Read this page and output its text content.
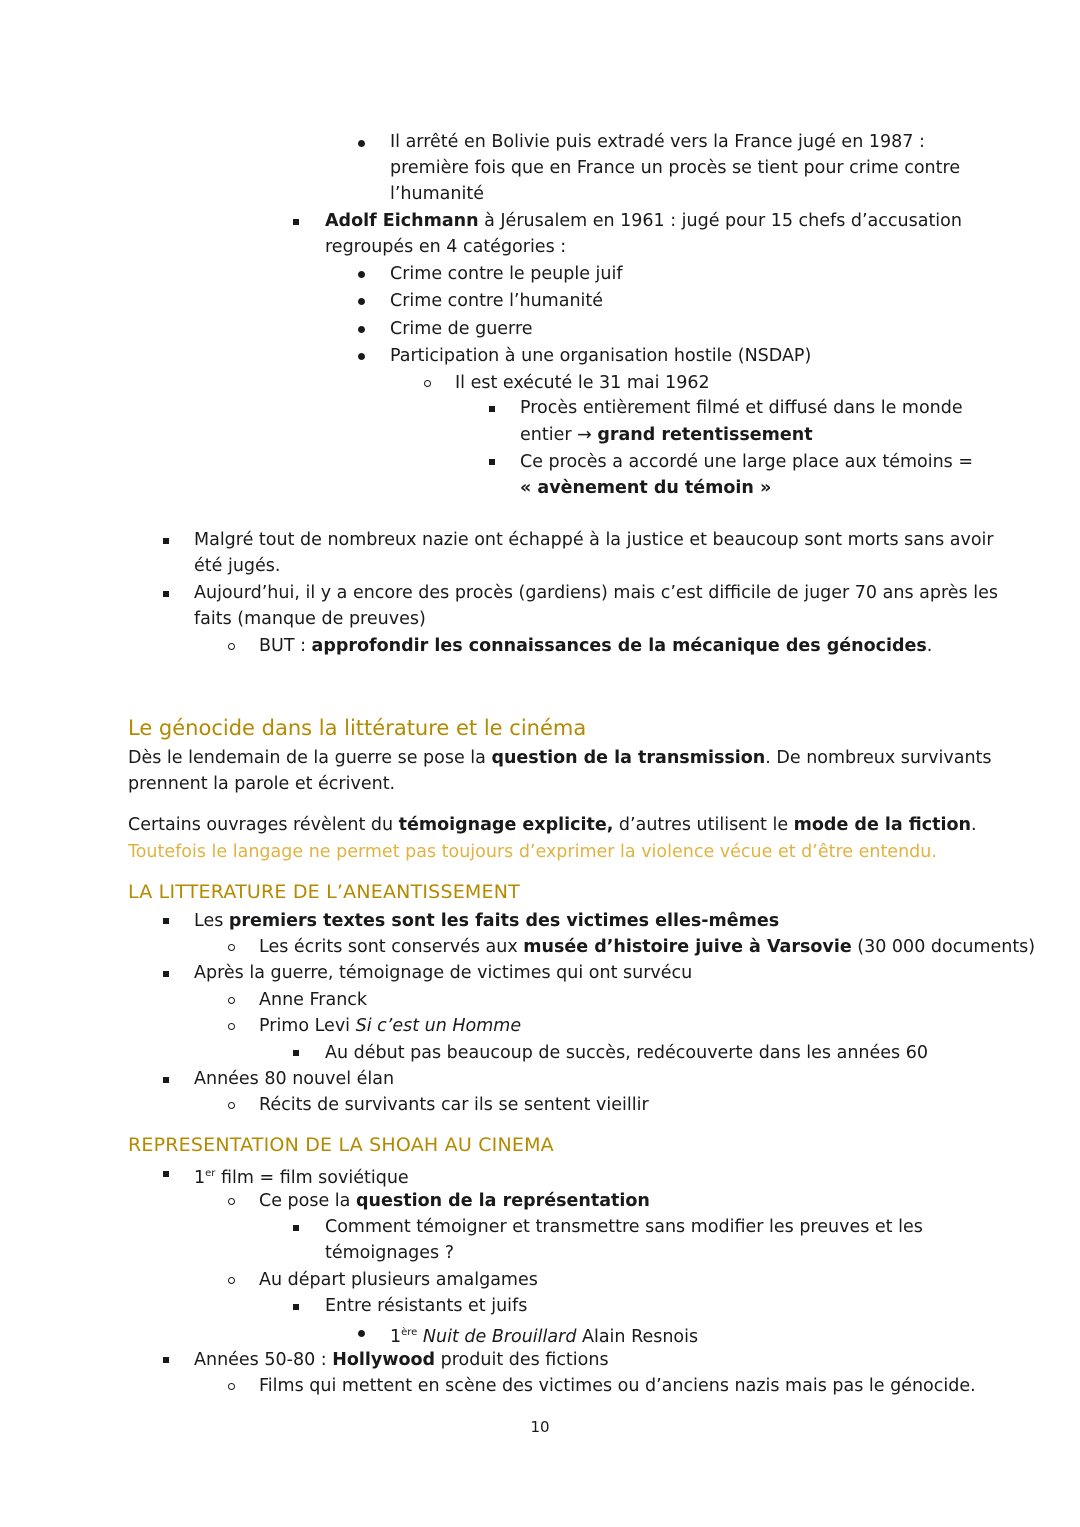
Il arrêté en Bolivie puis extradé vers la France jugé en 1987 :
première fois que en France un procès se tient pour crime contre
l’humanité
Adolf Eichmann à Jérusalem en 1961 : jugé pour 15 chefs d’accusation
regroupés en 4 catégories :
Crime contre le peuple juif
Crime contre l’humanité
Crime de guerre
Participation à une organisation hostile (NSDAP)
Il est exécuté le 31 mai 1962
Procès entièrement filmé et diffusé dans le monde
entier → grand retentissement
Ce procès a accordé une large place aux témoins =
« avènement du témoin »
Malgré tout de nombreux nazie ont échappé à la justice et beaucoup sont morts sans avoir
été jugés.
Aujourd’hui, il y a encore des procès (gardiens) mais c’est difficile de juger 70 ans après les
faits (manque de preuves)
BUT : approfondir les connaissances de la mécanique des génocides.
Le génocide dans la littérature et le cinéma
Dès le lendemain de la guerre se pose la question de la transmission. De nombreux survivants
prennent la parole et écrivent.
Certains ouvrages révèlent du témoignage explicite, d’autres utilisent le mode de la fiction.
Toutefois le langage ne permet pas toujours d’exprimer la violence vécue et d’être entendu.
LA LITTERATURE DE L’ANEANTISSEMENT
Les premiers textes sont les faits des victimes elles-mêmes
Les écrits sont conservés aux musée d’histoire juive à Varsovie (30 000 documents)
Après la guerre, témoignage de victimes qui ont survécu
Anne Franck
Primo Levi Si c’est un Homme
Au début pas beaucoup de succès, redécouverte dans les années 60
Années 80 nouvel élan
Récits de survivants car ils se sentent vieillir
REPRESENTATION DE LA SHOAH AU CINEMA
1er film = film soviétique
Ce pose la question de la représentation
Comment témoigner et transmettre sans modifier les preuves et les
témoignages ?
Au départ plusieurs amalgames
Entre résistants et juifs
1ère Nuit de Brouillard Alain Resnois
Années 50-80 : Hollywood produit des fictions
Films qui mettent en scène des victimes ou d’anciens nazis mais pas le génocide.
10
